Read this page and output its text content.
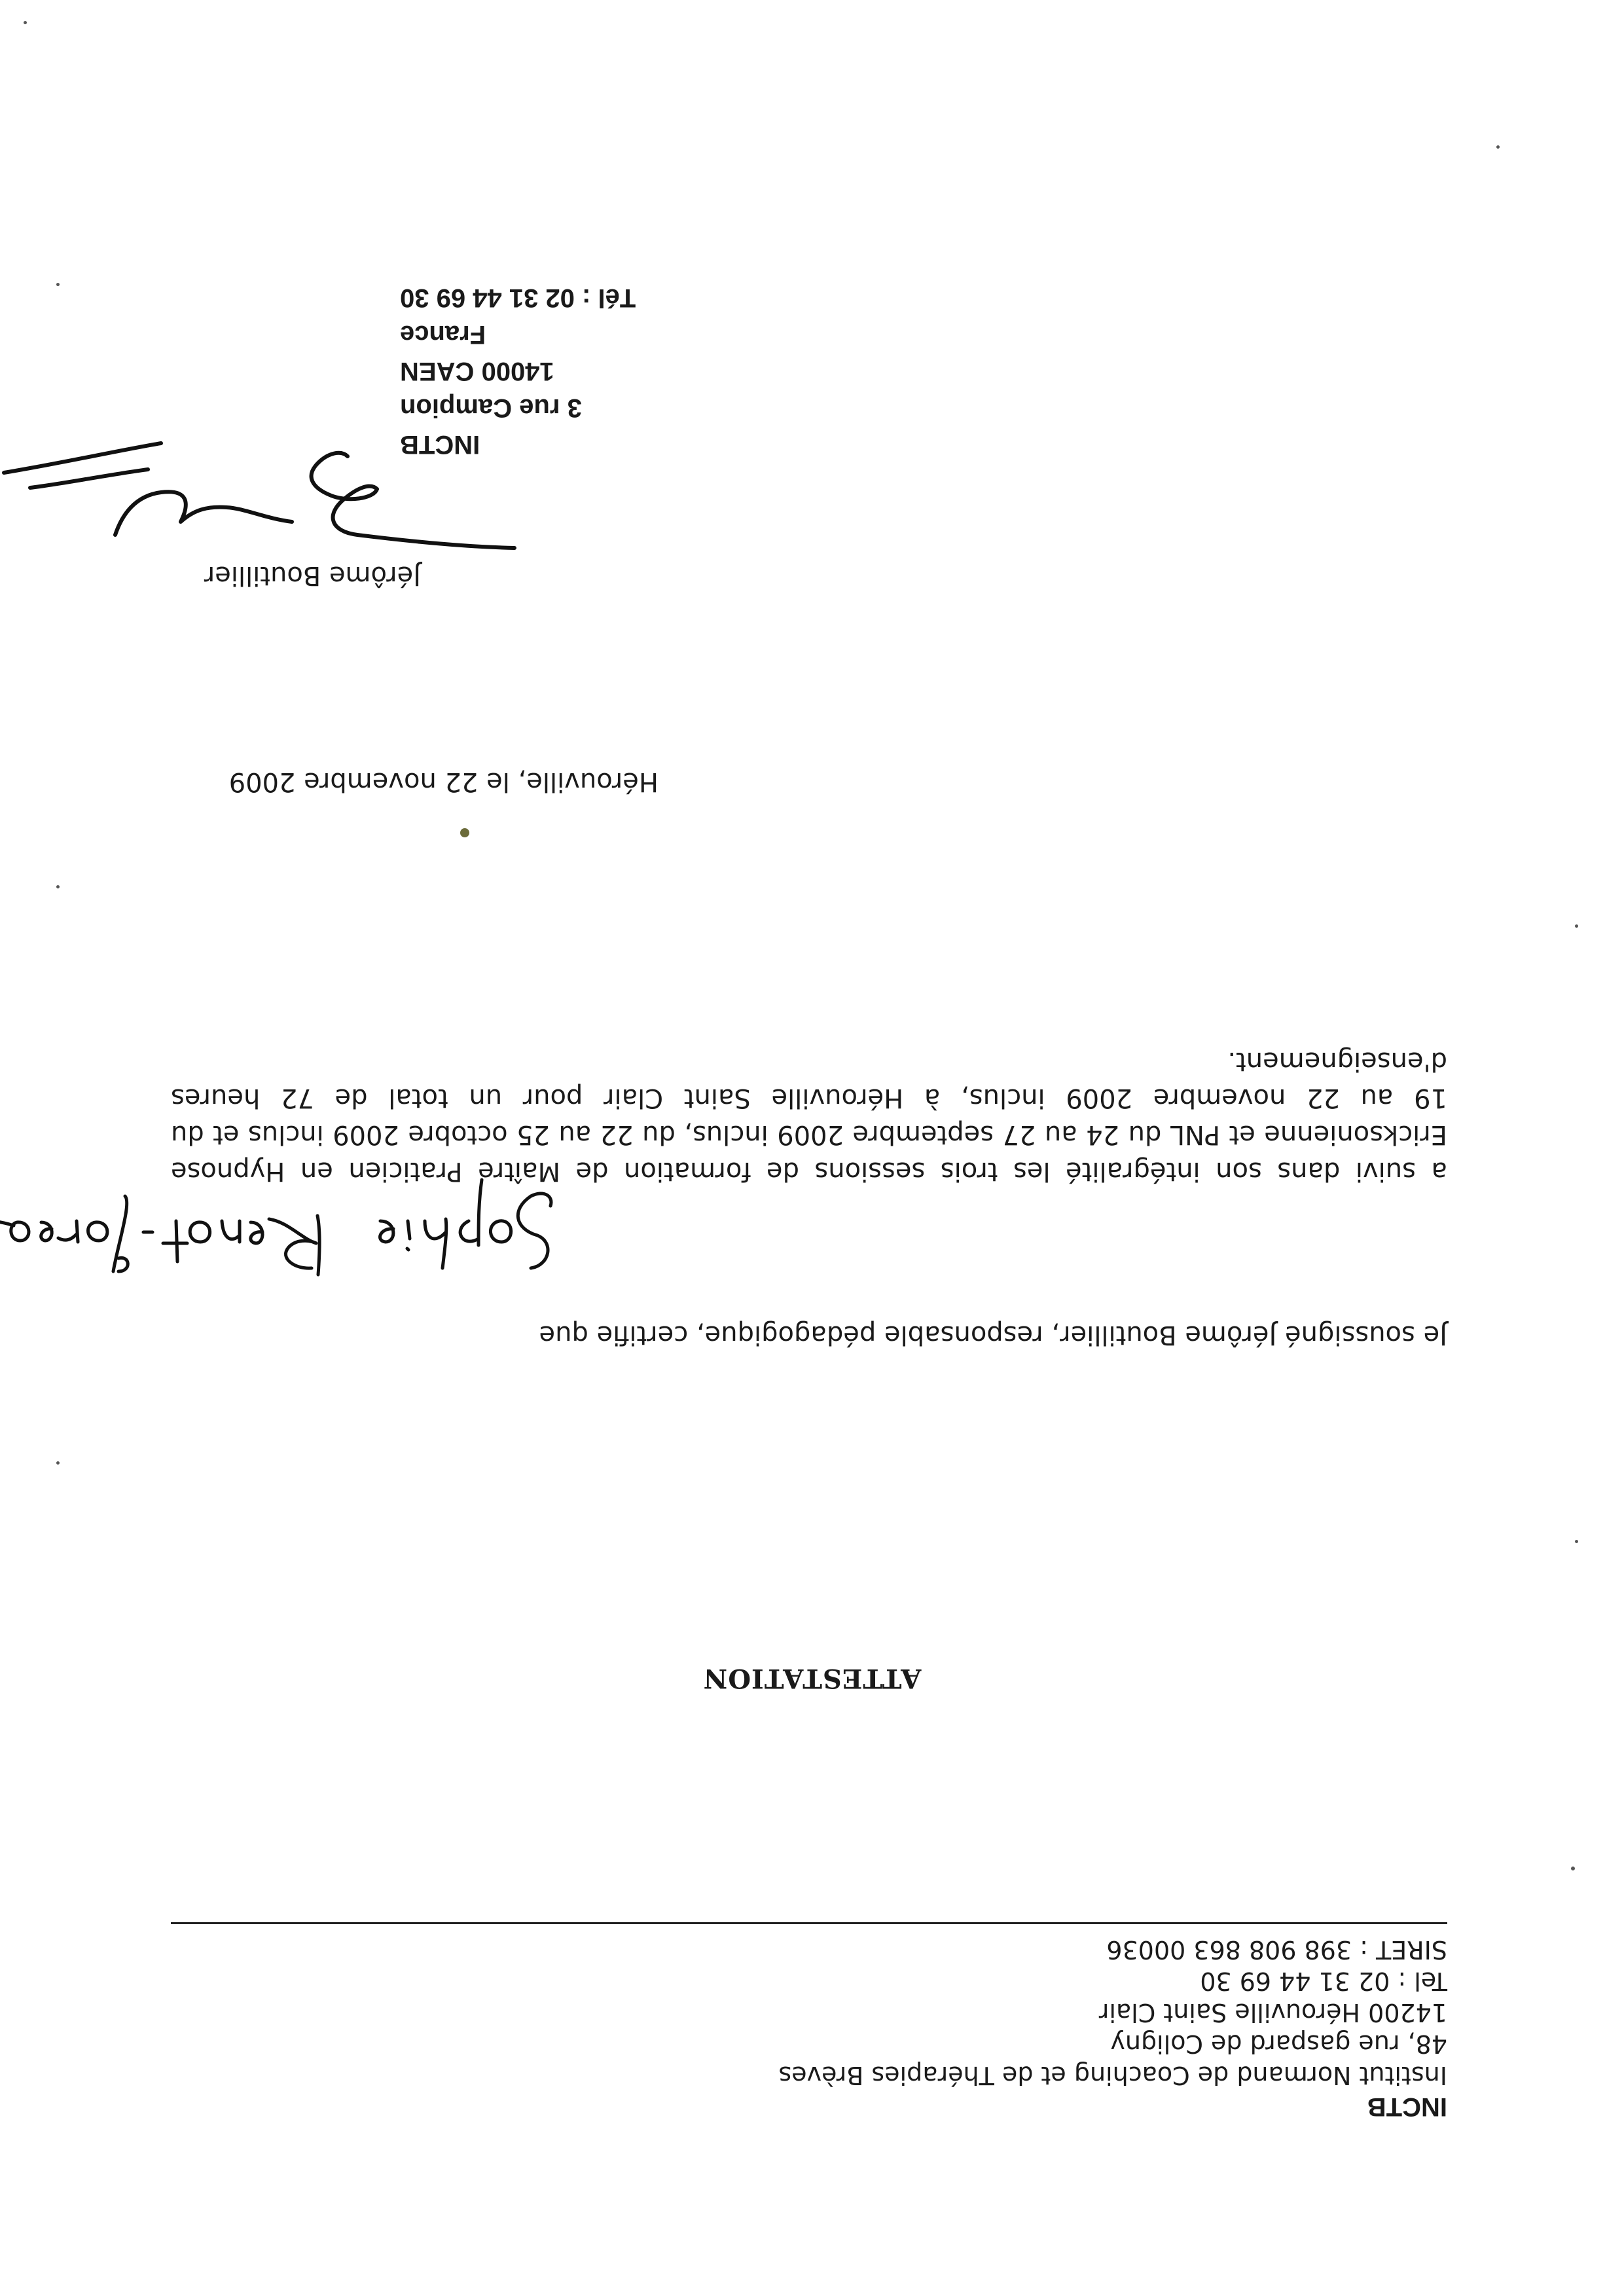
INCTB
Institut Normand de Coaching et de Thérapies Brèves
48, rue gaspard de Coligny
14200 Hérouville Saint Clair
Tel : 02 31 44 69 30
SIRET : 398 908 863 00036
ATTESTATION
Je soussigné Jérôme Boutillier, responsable pédagogique, certifie que
a suivi dans son intégralité les trois sessions de formation de Maître Praticien en Hypnose Ericksonienne et PNL du 24 au 27 septembre 2009 inclus, du 22 au 25 octobre 2009 inclus et du 19 au 22 novembre 2009 inclus, à Hérouville Saint Clair pour un total de 72 heures d'enseignement.
Hérouville, le 22 novembre 2009
Jérôme Boutillier
INCTB
3 rue Campion
14000 CAEN
France
Tél : 02 31 44 69 30
